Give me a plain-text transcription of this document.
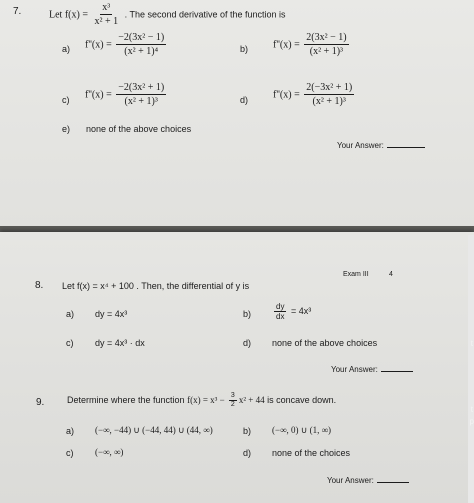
7.	Let $f(x) = \frac{\text{x³}}{\text{x² + 1}}$ . The second derivative of the function is
a) $f''(x) = \frac{\text{−2(3x² − 1)}}{\text{(x² + 1)⁴}}$	b) $f''(x) = \frac{\text{2(3x² − 1)}}{\text{(x² + 1)³}}$
c) $f''(x) = \frac{\text{−2(3x² + 1)}}{\text{(x² + 1)³}}$	d) $f''(x) = \frac{\text{2(−3x² + 1)}}{\text{(x² + 1)³}}$
e) none of the above choices
Your Answer:
Exam III	4
8. Let f(x) = x⁴ + 100 . Then, the differential of y is
a) dy = 4x³	b)	$\frac{dy}{dx} = 4x^3$
c) dy = 4x³ · dx	d) none of the above choices
Your Answer:
9.	Determine where the function $f(x) = x^3 - \frac{3}{2} x^2 + 44$ is concave down.
a) (−∞, −44) ∪ (−44, 44) ∪ (44, ∞)	b) (−∞, 0) ∪ (1, ∞)
c) (−∞, ∞)	d) none of the choices
Your Answer:
t
t
p
